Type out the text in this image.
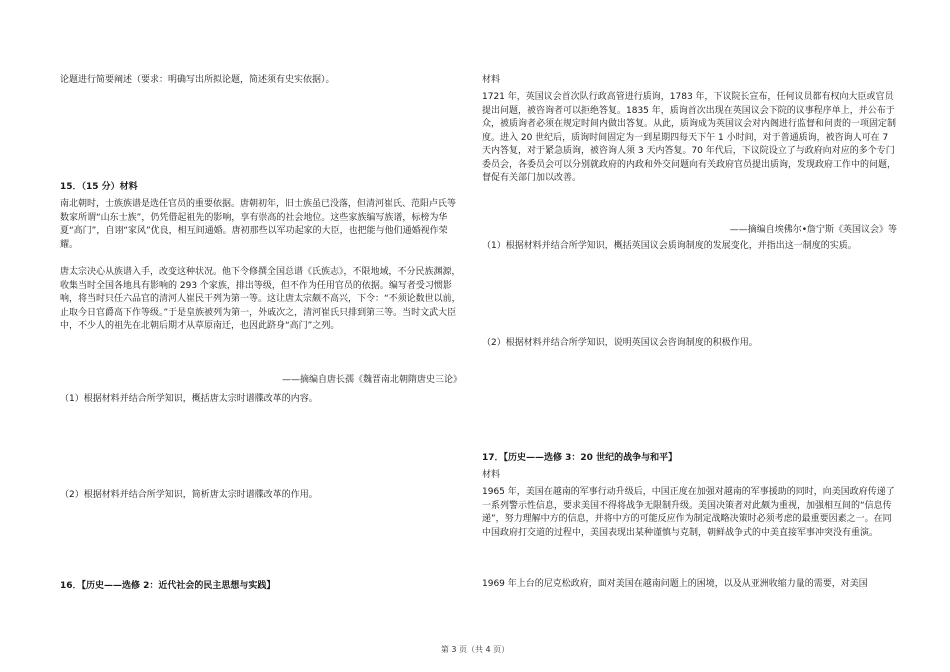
论题进行简要阐述（要求：明确写出所拟论题，简述须有史实依据）。

15．（15 分）材料

南北朝时，士族族谱是选任官员的重要依据。唐朝初年，旧士族虽已没落，但清河崔氏、范阳卢氏等数家所谓“山东士族”，仍凭借起祖先的影响，享有崇高的社会地位。这些家族编写族谱，标榜为华夏“高门”，自诩“家风”优良，相互间通婚。唐初那些以军功起家的大臣，也把能与他们通婚视作荣耀。

唐太宗决心从族谱入手，改变这种状况。他下令修撰全国总谱《氏族志》，不限地域，不分民族渊源，收集当时全国各地具有影响的 293 个家族，排出等级，但不作为任用官员的依据。编写者受习惯影响，将当时只任六品官的清河人崔民干列为第一等。这让唐太宗颇不高兴，下令：“不须论数世以前，止取今日官爵高下作等级。”于是皇族被列为第一，外戚次之，清河崔氏只排到第三等。当时文武大臣中，不少人的祖先在北朝后期才从草原南迁，也因此跻身“高门”之列。

——摘编自唐长孺《魏晋南北朝隋唐史三论》

（1）根据材料并结合所学知识，概括唐太宗时谱牒改革的内容。

（2）根据材料并结合所学知识，简析唐太宗时谱牒改革的作用。

16．【历史——选修 2：近代社会的民主思想与实践】

材料

1721 年，英国议会首次队行政高管进行质询，1783 年，下议院长宣布，任何议员都有权向大臣或官员提出问题，被咨询者可以拒绝答复。1835 年，质询首次出现在英国议会下院的议事程序单上，并公布于众，被质询者必须在规定时间内做出答复。从此，质询成为英国议会对内阁进行监督和问责的一项固定制度。进入 20 世纪后，质询时间固定为一到星期四每天下午 1 小时间，对于普通质询，被咨询人可在 7 天内答复，对于紧急质询，被咨询人须 3 天内答复。70 年代后，下议院设立了与政府向对应的多个专门委员会，各委员会可以分别就政府的内政和外交问题向有关政府官员提出质询，发现政府工作中的问题，督促有关部门加以改善。

——摘编自埃佛尔•詹宁斯《英国议会》等

（1）根据材料并结合所学知识，概括英国议会质询制度的发展变化，并指出这一制度的实质。

（2）根据材料并结合所学知识，说明英国议会咨询制度的积极作用。

17．【历史——选修 3：20 世纪的战争与和平】

材料

1965 年，美国在越南的军事行动升级后，中国正度在加强对越南的军事援助的同时，向美国政府传递了一系列警示性信息，要求美国不得将战争无限制升级。美国决策者对此颇为重视，加强相互间的“信息传递”，努力理解中方的信息，并将中方的可能反应作为制定战略决策时必须考虑的最重要因素之一。在同中国政府打交道的过程中，美国表现出某种谨慎与克制，朝鲜战争式的中美直接军事冲突没有重演。

1969 年上台的尼克松政府，面对美国在越南问题上的困境，以及从亚洲收缩力量的需要，对美国

第 3 页（共 4 页）
